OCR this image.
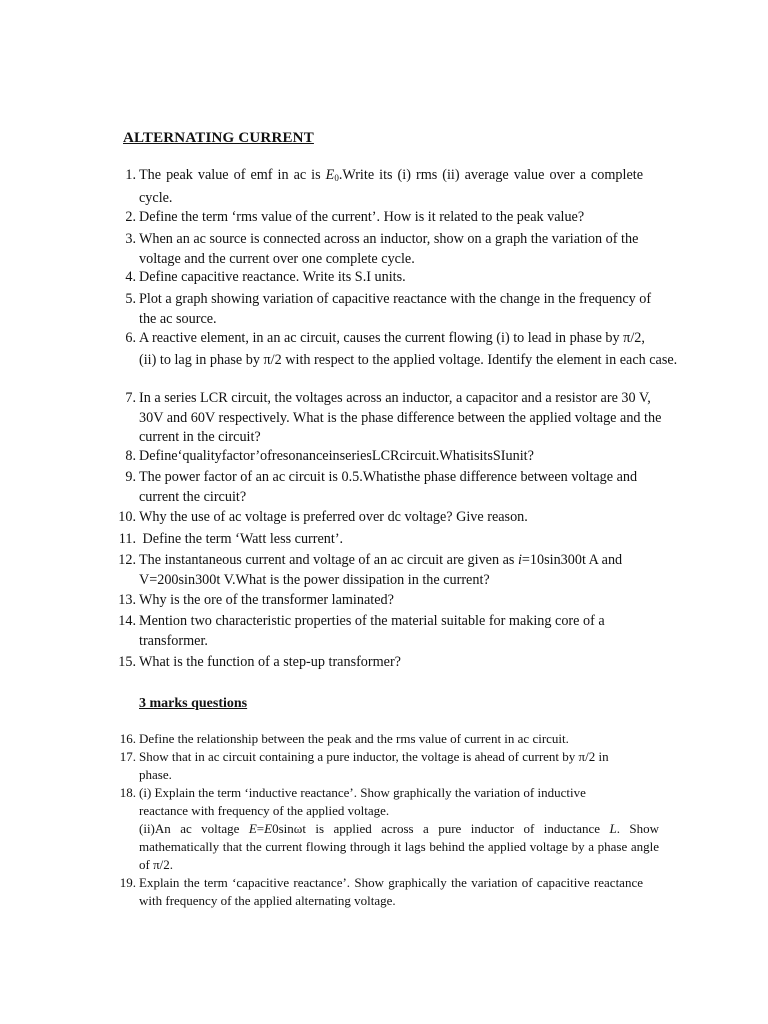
ALTERNATING CURRENT
1. The peak value of emf in ac is $E_0.Write$ its (i) rms (ii) average value over a complete cycle.
2. Define the term ‘rms value of the current’. How is it related to the peak value?
3. When an ac source is connected across an inductor, show on a graph the variation of the voltage and the current over one complete cycle.
4. Define capacitive reactance. Write its S.I units.
5. Plot a graph showing variation of capacitive reactance with the change in the frequency of the ac source.
6. A reactive element, in an ac circuit, causes the current flowing (i) to lead in phase by π/2,
(ii) to lag in phase by π/2 with respect to the applied voltage. Identify the element in each case.
7. In a series LCR circuit, the voltages across an inductor, a capacitor and a resistor are 30 V, 30V and 60V respectively. What is the phase difference between the applied voltage and the current in the circuit?
8. Define‘qualityfactor’ofresonanceinseriesLCRcircuit.WhatisitsSIunit?
9. The power factor of an ac circuit is 0.5.Whatisthe phase difference between voltage and current the circuit?
10. Why the use of ac voltage is preferred over dc voltage? Give reason.
11. Define the term ‘Watt less current’.
12. The instantaneous current and voltage of an ac circuit are given as i=10sin300t A and V=200sin300t V.What is the power dissipation in the current?
13. Why is the ore of the transformer laminated?
14. Mention two characteristic properties of the material suitable for making core of a transformer.
15. What is the function of a step-up transformer?
3 marks questions
16. Define the relationship between the peak and the rms value of current in ac circuit.
17. Show that in ac circuit containing a pure inductor, the voltage is ahead of current by π/2 in phase.
18. (i) Explain the term ‘inductive reactance’. Show graphically the variation of inductive reactance with frequency of the applied voltage.
(ii)An ac voltage E=E0sinωt is applied across a pure inductor of inductance L. Show mathematically that the current flowing through it lags behind the applied voltage by a phase angle of π/2.
19. Explain the term ‘capacitive reactance’. Show graphically the variation of capacitive reactance with frequency of the applied alternating voltage.
